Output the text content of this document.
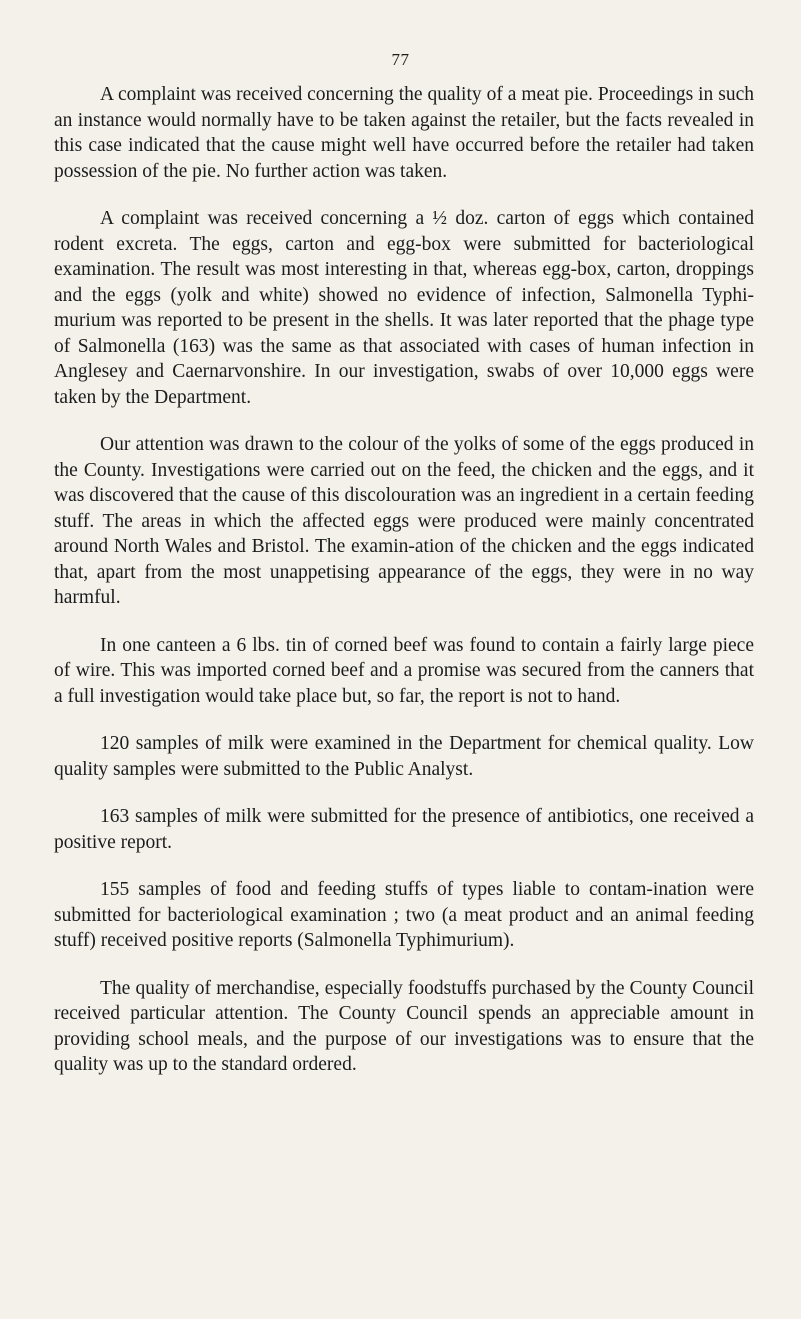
77

A complaint was received concerning the quality of a meat pie. Proceedings in such an instance would normally have to be taken against the retailer, but the facts revealed in this case indicated that the cause might well have occurred before the retailer had taken possession of the pie. No further action was taken.

A complaint was received concerning a ½ doz. carton of eggs which contained rodent excreta. The eggs, carton and egg-box were submitted for bacteriological examination. The result was most interesting in that, whereas egg-box, carton, droppings and the eggs (yolk and white) showed no evidence of infection, Salmonella Typhi-murium was reported to be present in the shells. It was later reported that the phage type of Salmonella (163) was the same as that associated with cases of human infection in Anglesey and Caernarvonshire. In our investigation, swabs of over 10,000 eggs were taken by the Department.

Our attention was drawn to the colour of the yolks of some of the eggs produced in the County. Investigations were carried out on the feed, the chicken and the eggs, and it was discovered that the cause of this discolouration was an ingredient in a certain feeding stuff. The areas in which the affected eggs were produced were mainly concentrated around North Wales and Bristol. The examin-ation of the chicken and the eggs indicated that, apart from the most unappetising appearance of the eggs, they were in no way harmful.

In one canteen a 6 lbs. tin of corned beef was found to contain a fairly large piece of wire. This was imported corned beef and a promise was secured from the canners that a full investigation would take place but, so far, the report is not to hand.

120 samples of milk were examined in the Department for chemical quality. Low quality samples were submitted to the Public Analyst.

163 samples of milk were submitted for the presence of antibiotics, one received a positive report.

155 samples of food and feeding stuffs of types liable to contam-ination were submitted for bacteriological examination ; two (a meat product and an animal feeding stuff) received positive reports (Salmonella Typhimurium).

The quality of merchandise, especially foodstuffs purchased by the County Council received particular attention. The County Council spends an appreciable amount in providing school meals, and the purpose of our investigations was to ensure that the quality was up to the standard ordered.
